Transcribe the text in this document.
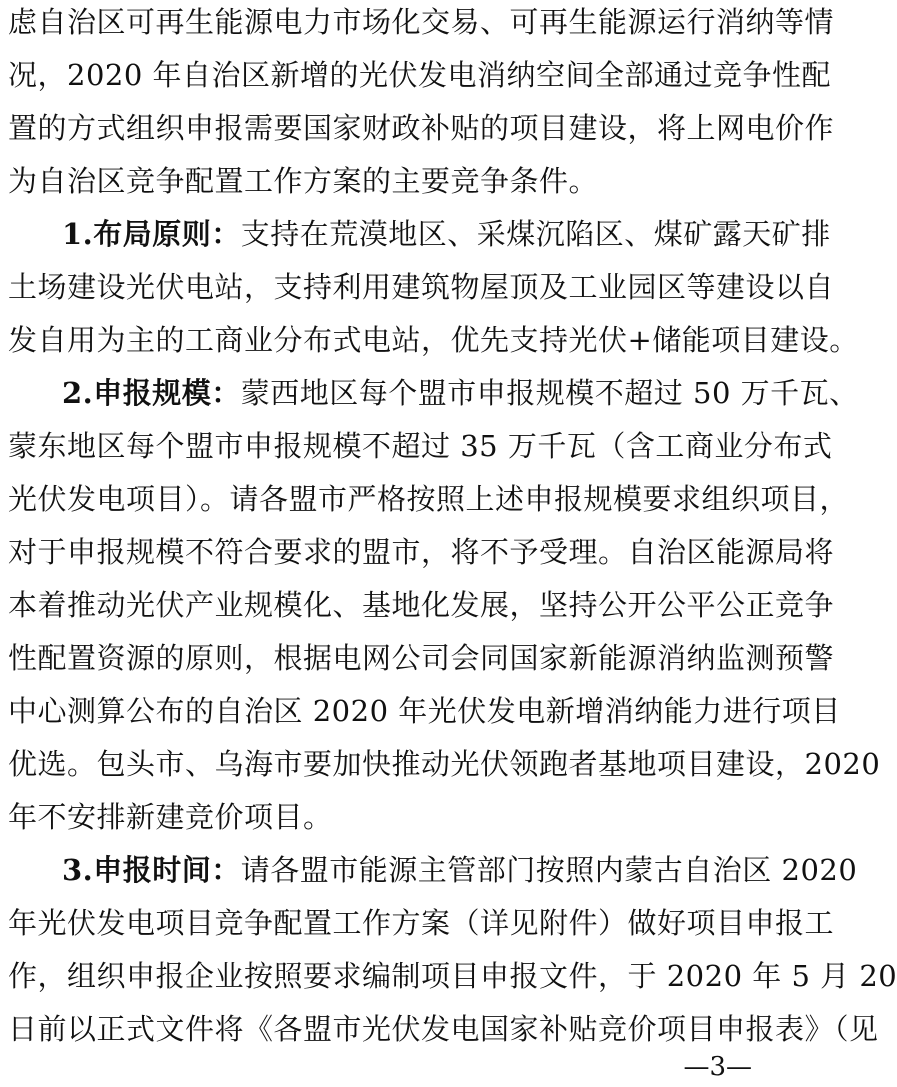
虑自治区可再生能源电力市场化交易、可再生能源运行消纳等情
况，2020 年自治区新增的光伏发电消纳空间全部通过竞争性配
置的方式组织申报需要国家财政补贴的项目建设，将上网电价作
为自治区竞争配置工作方案的主要竞争条件。
1.布局原则：支持在荒漠地区、采煤沉陷区、煤矿露天矿排
土场建设光伏电站，支持利用建筑物屋顶及工业园区等建设以自
发自用为主的工商业分布式电站，优先支持光伏+储能项目建设。
2.申报规模：蒙西地区每个盟市申报规模不超过 50 万千瓦、
蒙东地区每个盟市申报规模不超过 35 万千瓦（含工商业分布式
光伏发电项目）。请各盟市严格按照上述申报规模要求组织项目，
对于申报规模不符合要求的盟市，将不予受理。自治区能源局将
本着推动光伏产业规模化、基地化发展，坚持公开公平公正竞争
性配置资源的原则，根据电网公司会同国家新能源消纳监测预警
中心测算公布的自治区 2020 年光伏发电新增消纳能力进行项目
优选。包头市、乌海市要加快推动光伏领跑者基地项目建设，2020
年不安排新建竞价项目。
3.申报时间：请各盟市能源主管部门按照内蒙古自治区 2020
年光伏发电项目竞争配置工作方案（详见附件）做好项目申报工
作，组织申报企业按照要求编制项目申报文件，于 2020 年 5 月 20
日前以正式文件将《各盟市光伏发电国家补贴竞价项目申报表》（见
—3—
